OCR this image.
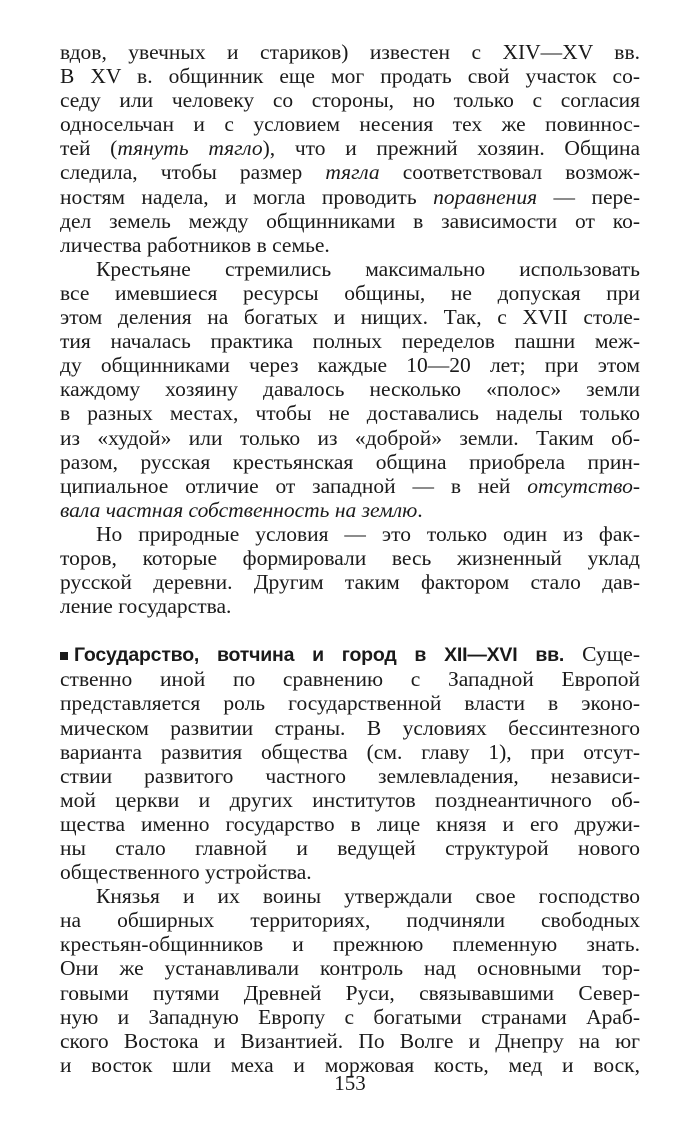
вдов, увечных и стариков) известен с XIV—XV вв.
В XV в. общинник еще мог продать свой участок со-
седу или человеку со стороны, но только с согласия
односельчан и с условием несения тех же повиннос-
тей (тянуть тягло), что и прежний хозяин. Община
следила, чтобы размер тягла соответствовал возмож-
ностям надела, и могла проводить поравнения — пере-
дел земель между общинниками в зависимости от ко-
личества работников в семье.
Крестьяне стремились максимально использовать
все имевшиеся ресурсы общины, не допуская при
этом деления на богатых и нищих. Так, с XVII столе-
тия началась практика полных переделов пашни меж-
ду общинниками через каждые 10—20 лет; при этом
каждому хозяину давалось несколько «полос» земли
в разных местах, чтобы не доставались наделы только
из «худой» или только из «доброй» земли. Таким об-
разом, русская крестьянская община приобрела прин-
ципиальное отличие от западной — в ней отсутство-
вала частная собственность на землю.
Но природные условия — это только один из фак-
торов, которые формировали весь жизненный уклад
русской деревни. Другим таким фактором стало дав-
ление государства.
Государство, вотчина и город в XII—XVI вв. Суще-
ственно иной по сравнению с Западной Европой
представляется роль государственной власти в эконо-
мическом развитии страны. В условиях бессинтезного
варианта развития общества (см. главу 1), при отсут-
ствии развитого частного землевладения, независи-
мой церкви и других институтов позднеантичного об-
щества именно государство в лице князя и его дружи-
ны стало главной и ведущей структурой нового
общественного устройства.
Князья и их воины утверждали свое господство
на обширных территориях, подчиняли свободных
крестьян-общинников и прежнюю племенную знать.
Они же устанавливали контроль над основными тор-
говыми путями Древней Руси, связывавшими Север-
ную и Западную Европу с богатыми странами Араб-
ского Востока и Византией. По Волге и Днепру на юг
и восток шли меха и моржовая кость, мед и воск,
153
